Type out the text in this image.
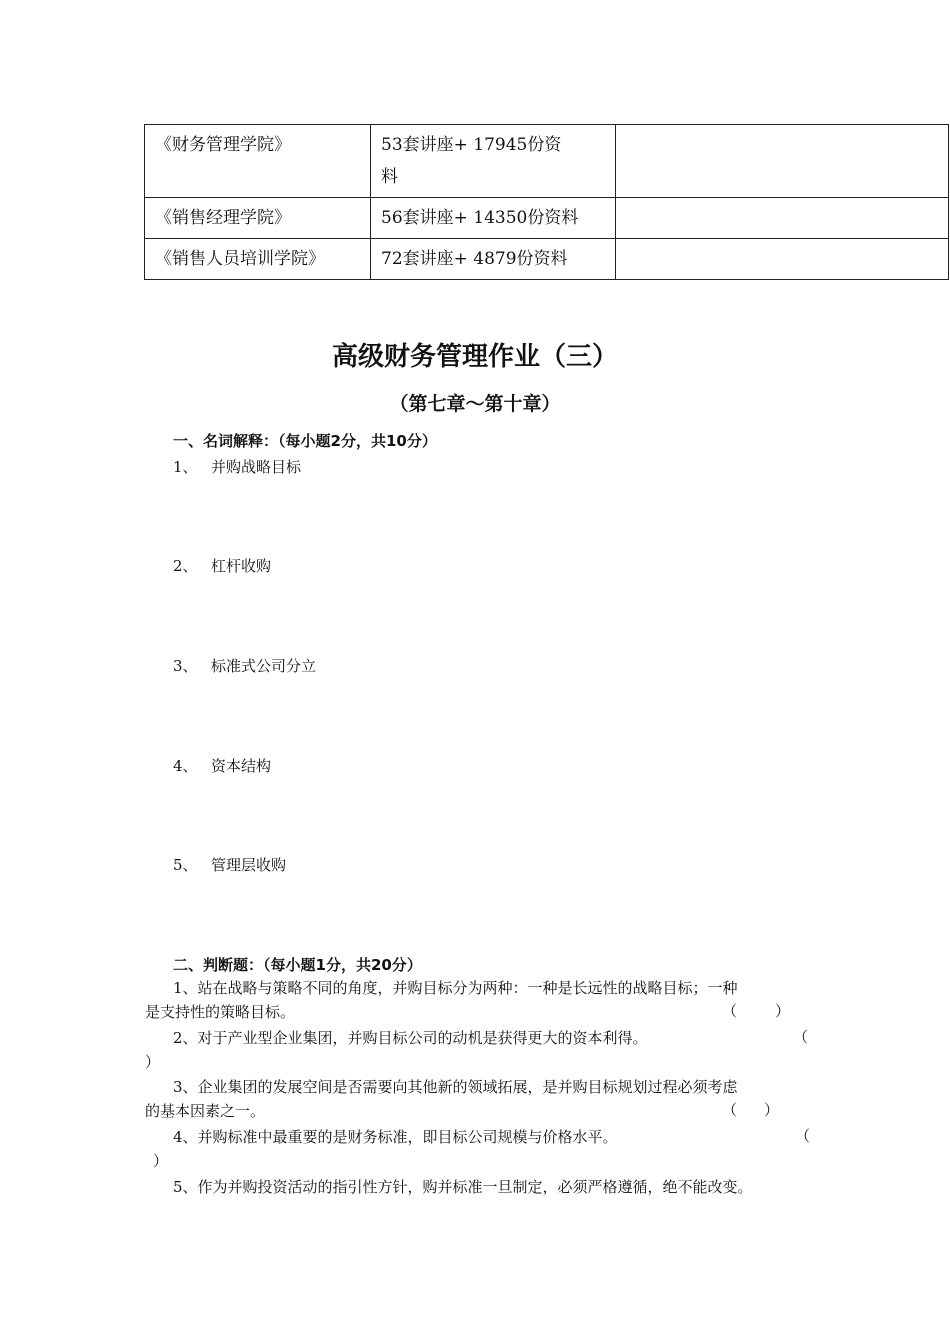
《财务管理学院》	53套讲座+ 17945份资
料	

《销售经理学院》	56套讲座+ 14350份资料	

《销售人员培训学院》	72套讲座+ 4879份资料	

高级财务管理作业（三）
（第七章～第十章）
一、名词解释：（每小题2分，共10分）
1、 并购战略目标
2、 杠杆收购
3、 标准式公司分立
4、 资本结构
5、 管理层收购
二、判断题：（每小题1分，共20分）
1、站在战略与策略不同的角度，并购目标分为两种：一种是长远性的战略目标；一种
是支持性的策略目标。	（	）
2、对于产业型企业集团，并购目标公司的动机是获得更大的资本利得。
）
（
3、企业集团的发展空间是否需要向其他新的领域拓展，是并购目标规划过程必须考虑
的基本因素之一。	（ ）
4、并购标准中最重要的是财务标准，即目标公司规模与价格水平。
）
（
5、作为并购投资活动的指引性方针，购并标准一旦制定，必须严格遵循，绝不能改变。
